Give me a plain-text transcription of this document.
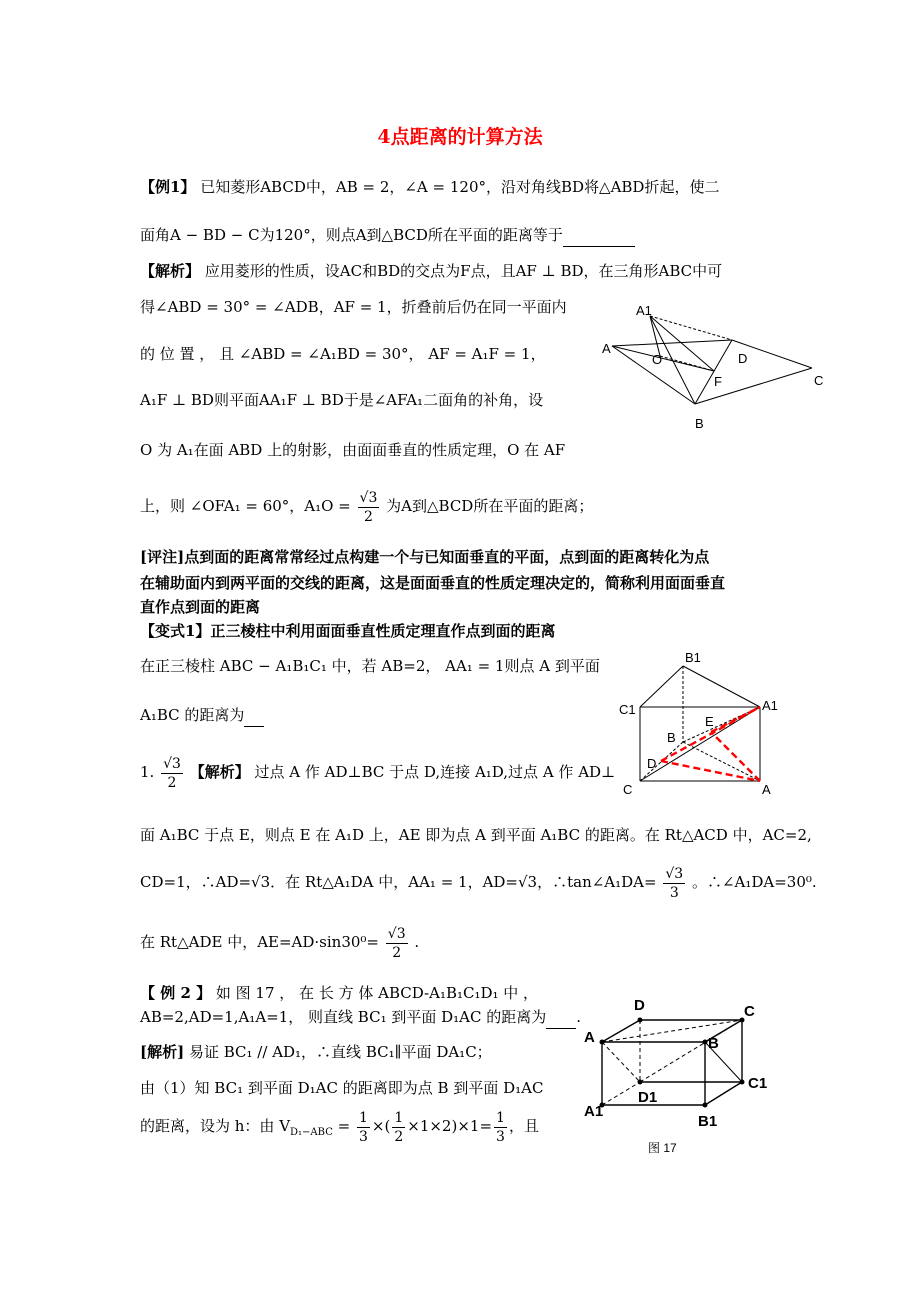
4点距离的计算方法
【例1】 已知菱形ABCD中，AB = 2，∠A = 120°，沿对角线BD将△ABD折起，使二
面角A − BD − C为120°，则点A到△BCD所在平面的距离等于
【解析】 应用菱形的性质，设AC和BD的交点为F点，且AF ⊥ BD，在三角形ABC中可
得∠ABD = 30° = ∠ADB，AF = 1，折叠前后仍在同一平面内
的 位 置 ， 且 ∠ABD = ∠A₁BD = 30°， AF = A₁F = 1，
A₁F ⊥ BD则平面AA₁F ⊥ BD于是∠AFA₁二面角的补角，设
O 为 A₁在面 ABD 上的射影，由面面垂直的性质定理，O 在 AF
上，则 ∠OFA₁ = 60°，$A_1O = \frac{√3}{2}$ 为A到△BCD所在平面的距离；
[评注]点到面的距离常常经过点构建一个与已知面垂直的平面，点到面的距离转化为点
在辅助面内到两平面的交线的距离，这是面面垂直的性质定理决定的，简称利用面面垂直
直作点到面的距离
【变式1】正三棱柱中利用面面垂直性质定理直作点到面的距离
在正三棱柱 ABC − A₁B₁C₁ 中，若 AB=2， AA₁ = 1则点 A 到平面
A₁BC 的距离为
1. $\frac{√3}{2}$ 【解析】 过点 A 作 AD⊥BC 于点 D,连接 A₁D,过点 A 作 AD⊥
面 A₁BC 于点 E，则点 E 在 A₁D 上，AE 即为点 A 到平面 A₁BC 的距离。在 Rt△ACD 中，AC=2,
CD=1，∴AD=√3．在 Rt△A₁DA 中，AA₁ = 1，AD=√3，∴tan∠A₁DA= $\frac{√3}{3}$ 。∴∠A₁DA=30⁰.
在 Rt△ADE 中，$AE=AD\cdot\sin 30^0= \frac{√3}{2}$ .
【 例 2 】 如 图 17 ， 在 长 方 体 ABCD-A₁B₁C₁D₁ 中 ，
AB=2,AD=1,A₁A=1， 则直线 BC₁ 到平面 D₁AC 的距离为 .
[解析] 易证 BC₁ // AD₁，∴直线 BC₁∥平面 DA₁C；
由（1）知 BC₁ 到平面 D₁AC 的距离即为点 B 到平面 D₁AC
的距离，设为 h：由 $V_{D_1-ABC} = \frac{1}{3}$ ×( $\frac{1}{2} \times 1\times 2)\times 1= \frac{1}{3}$ ，且
A1
A
O	D
F	C
B
B1
C1	A1
E
B
D
C	A
D	C
A	B
C1
D1
A1
B1
图 17
